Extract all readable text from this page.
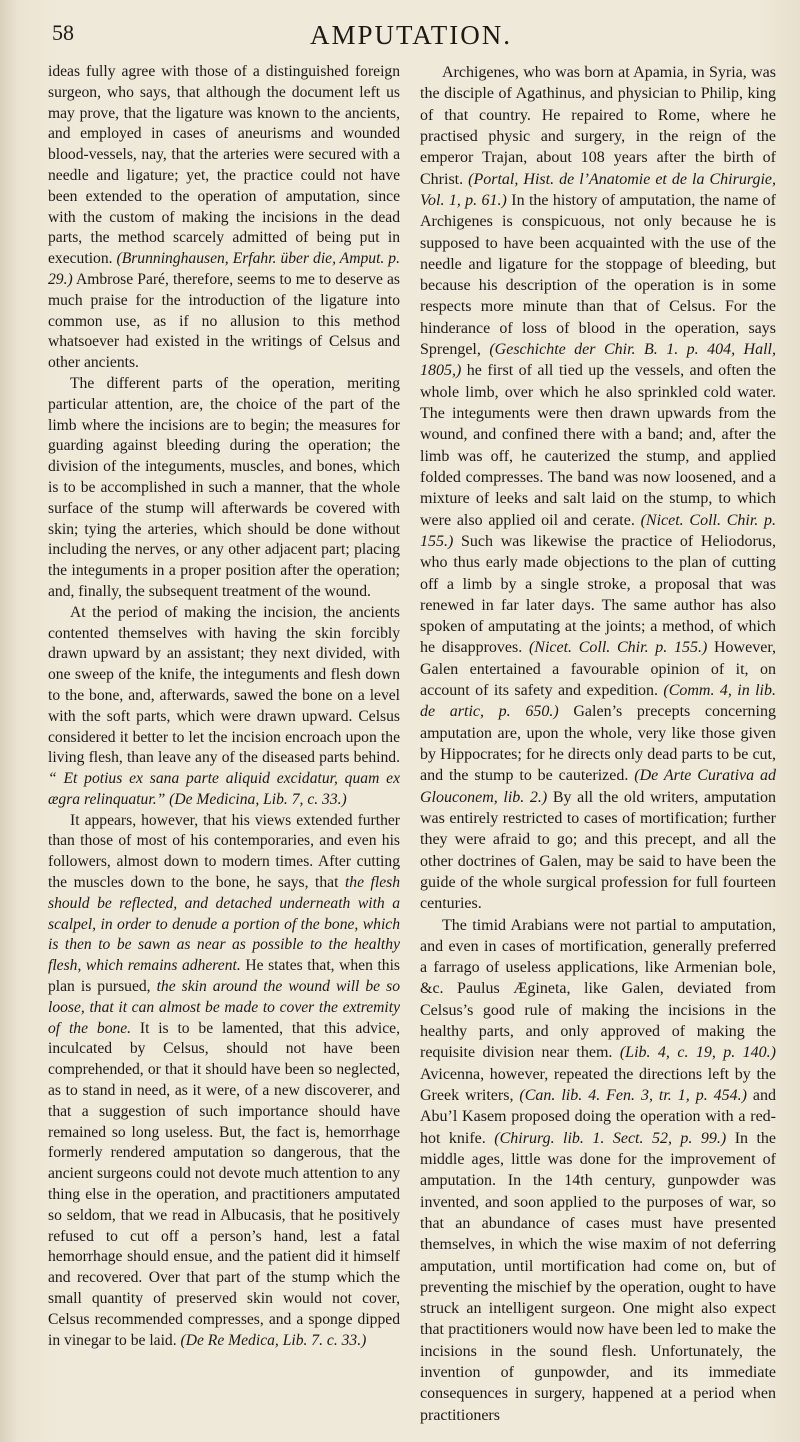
58	AMPUTATION.

ideas fully agree with those of a distinguished foreign surgeon, who says, that although the document left us may prove, that the ligature was known to the ancients, and employed in cases of aneurisms and wounded blood-vessels, nay, that the arteries were secured with a needle and ligature; yet, the practice could not have been extended to the operation of amputation, since with the custom of making the incisions in the dead parts, the method scarcely admitted of being put in execution. (Brunninghausen, Erfahr. über die, Amput. p. 29.) Ambrose Paré, therefore, seems to me to deserve as much praise for the introduction of the ligature into common use, as if no allusion to this method whatsoever had existed in the writings of Celsus and other ancients.

The different parts of the operation, meriting particular attention, are, the choice of the part of the limb where the incisions are to begin; the measures for guarding against bleeding during the operation; the division of the integuments, muscles, and bones, which is to be accomplished in such a manner, that the whole surface of the stump will afterwards be covered with skin; tying the arteries, which should be done without including the nerves, or any other adjacent part; placing the integuments in a proper position after the operation; and, finally, the subsequent treatment of the wound.

At the period of making the incision, the ancients contented themselves with having the skin forcibly drawn upward by an assistant; they next divided, with one sweep of the knife, the integuments and flesh down to the bone, and, afterwards, sawed the bone on a level with the soft parts, which were drawn upward. Celsus considered it better to let the incision encroach upon the living flesh, than leave any of the diseased parts behind. “ Et potius ex sana parte aliquid excidatur, quam ex ægra relinquatur.” (De Medicina, Lib. 7, c. 33.)

It appears, however, that his views extended further than those of most of his contemporaries, and even his followers, almost down to modern times. After cutting the muscles down to the bone, he says, that the flesh should be reflected, and detached underneath with a scalpel, in order to denude a portion of the bone, which is then to be sawn as near as possible to the healthy flesh, which remains adherent. He states that, when this plan is pursued, the skin around the wound will be so loose, that it can almost be made to cover the extremity of the bone. It is to be lamented, that this advice, inculcated by Celsus, should not have been comprehended, or that it should have been so neglected, as to stand in need, as it were, of a new discoverer, and that a suggestion of such importance should have remained so long useless. But, the fact is, hemorrhage formerly rendered amputation so dangerous, that the ancient surgeons could not devote much attention to any thing else in the operation, and practitioners amputated so seldom, that we read in Albucasis, that he positively refused to cut off a person’s hand, lest a fatal hemorrhage should ensue, and the patient did it himself and recovered. Over that part of the stump which the small quantity of preserved skin would not cover, Celsus recommended compresses, and a sponge dipped in vinegar to be laid. (De Re Medica, Lib. 7. c. 33.)

Archigenes, who was born at Apamia, in Syria, was the disciple of Agathinus, and physician to Philip, king of that country. He repaired to Rome, where he practised physic and surgery, in the reign of the emperor Trajan, about 108 years after the birth of Christ. (Portal, Hist. de l’Anatomie et de la Chirurgie, Vol. 1, p. 61.) In the history of amputation, the name of Archigenes is conspicuous, not only because he is supposed to have been acquainted with the use of the needle and ligature for the stoppage of bleeding, but because his description of the operation is in some respects more minute than that of Celsus. For the hinderance of loss of blood in the operation, says Sprengel, (Geschichte der Chir. B. 1. p. 404, Hall, 1805,) he first of all tied up the vessels, and often the whole limb, over which he also sprinkled cold water. The integuments were then drawn upwards from the wound, and confined there with a band; and, after the limb was off, he cauterized the stump, and applied folded compresses. The band was now loosened, and a mixture of leeks and salt laid on the stump, to which were also applied oil and cerate. (Nicet. Coll. Chir. p. 155.) Such was likewise the practice of Heliodorus, who thus early made objections to the plan of cutting off a limb by a single stroke, a proposal that was renewed in far later days. The same author has also spoken of amputating at the joints; a method, of which he disapproves. (Nicet. Coll. Chir. p. 155.) However, Galen entertained a favourable opinion of it, on account of its safety and expedition. (Comm. 4, in lib. de artic, p. 650.) Galen’s precepts concerning amputation are, upon the whole, very like those given by Hippocrates; for he directs only dead parts to be cut, and the stump to be cauterized. (De Arte Curativa ad Glouconem, lib. 2.) By all the old writers, amputation was entirely restricted to cases of mortification; further they were afraid to go; and this precept, and all the other doctrines of Galen, may be said to have been the guide of the whole surgical profession for full fourteen centuries.

The timid Arabians were not partial to amputation, and even in cases of mortification, generally preferred a farrago of useless applications, like Armenian bole, &c. Paulus Ægineta, like Galen, deviated from Celsus’s good rule of making the incisions in the healthy parts, and only approved of making the requisite division near them. (Lib. 4, c. 19, p. 140.) Avicenna, however, repeated the directions left by the Greek writers, (Can. lib. 4. Fen. 3, tr. 1, p. 454.) and Abu’l Kasem proposed doing the operation with a red-hot knife. (Chirurg. lib. 1. Sect. 52, p. 99.) In the middle ages, little was done for the improvement of amputation. In the 14th century, gunpowder was invented, and soon applied to the purposes of war, so that an abundance of cases must have presented themselves, in which the wise maxim of not deferring amputation, until mortification had come on, but of preventing the mischief by the operation, ought to have struck an intelligent surgeon. One might also expect that practitioners would now have been led to make the incisions in the sound flesh. Unfortunately, the invention of gunpowder, and its immediate consequences in surgery, happened at a period when practitioners
